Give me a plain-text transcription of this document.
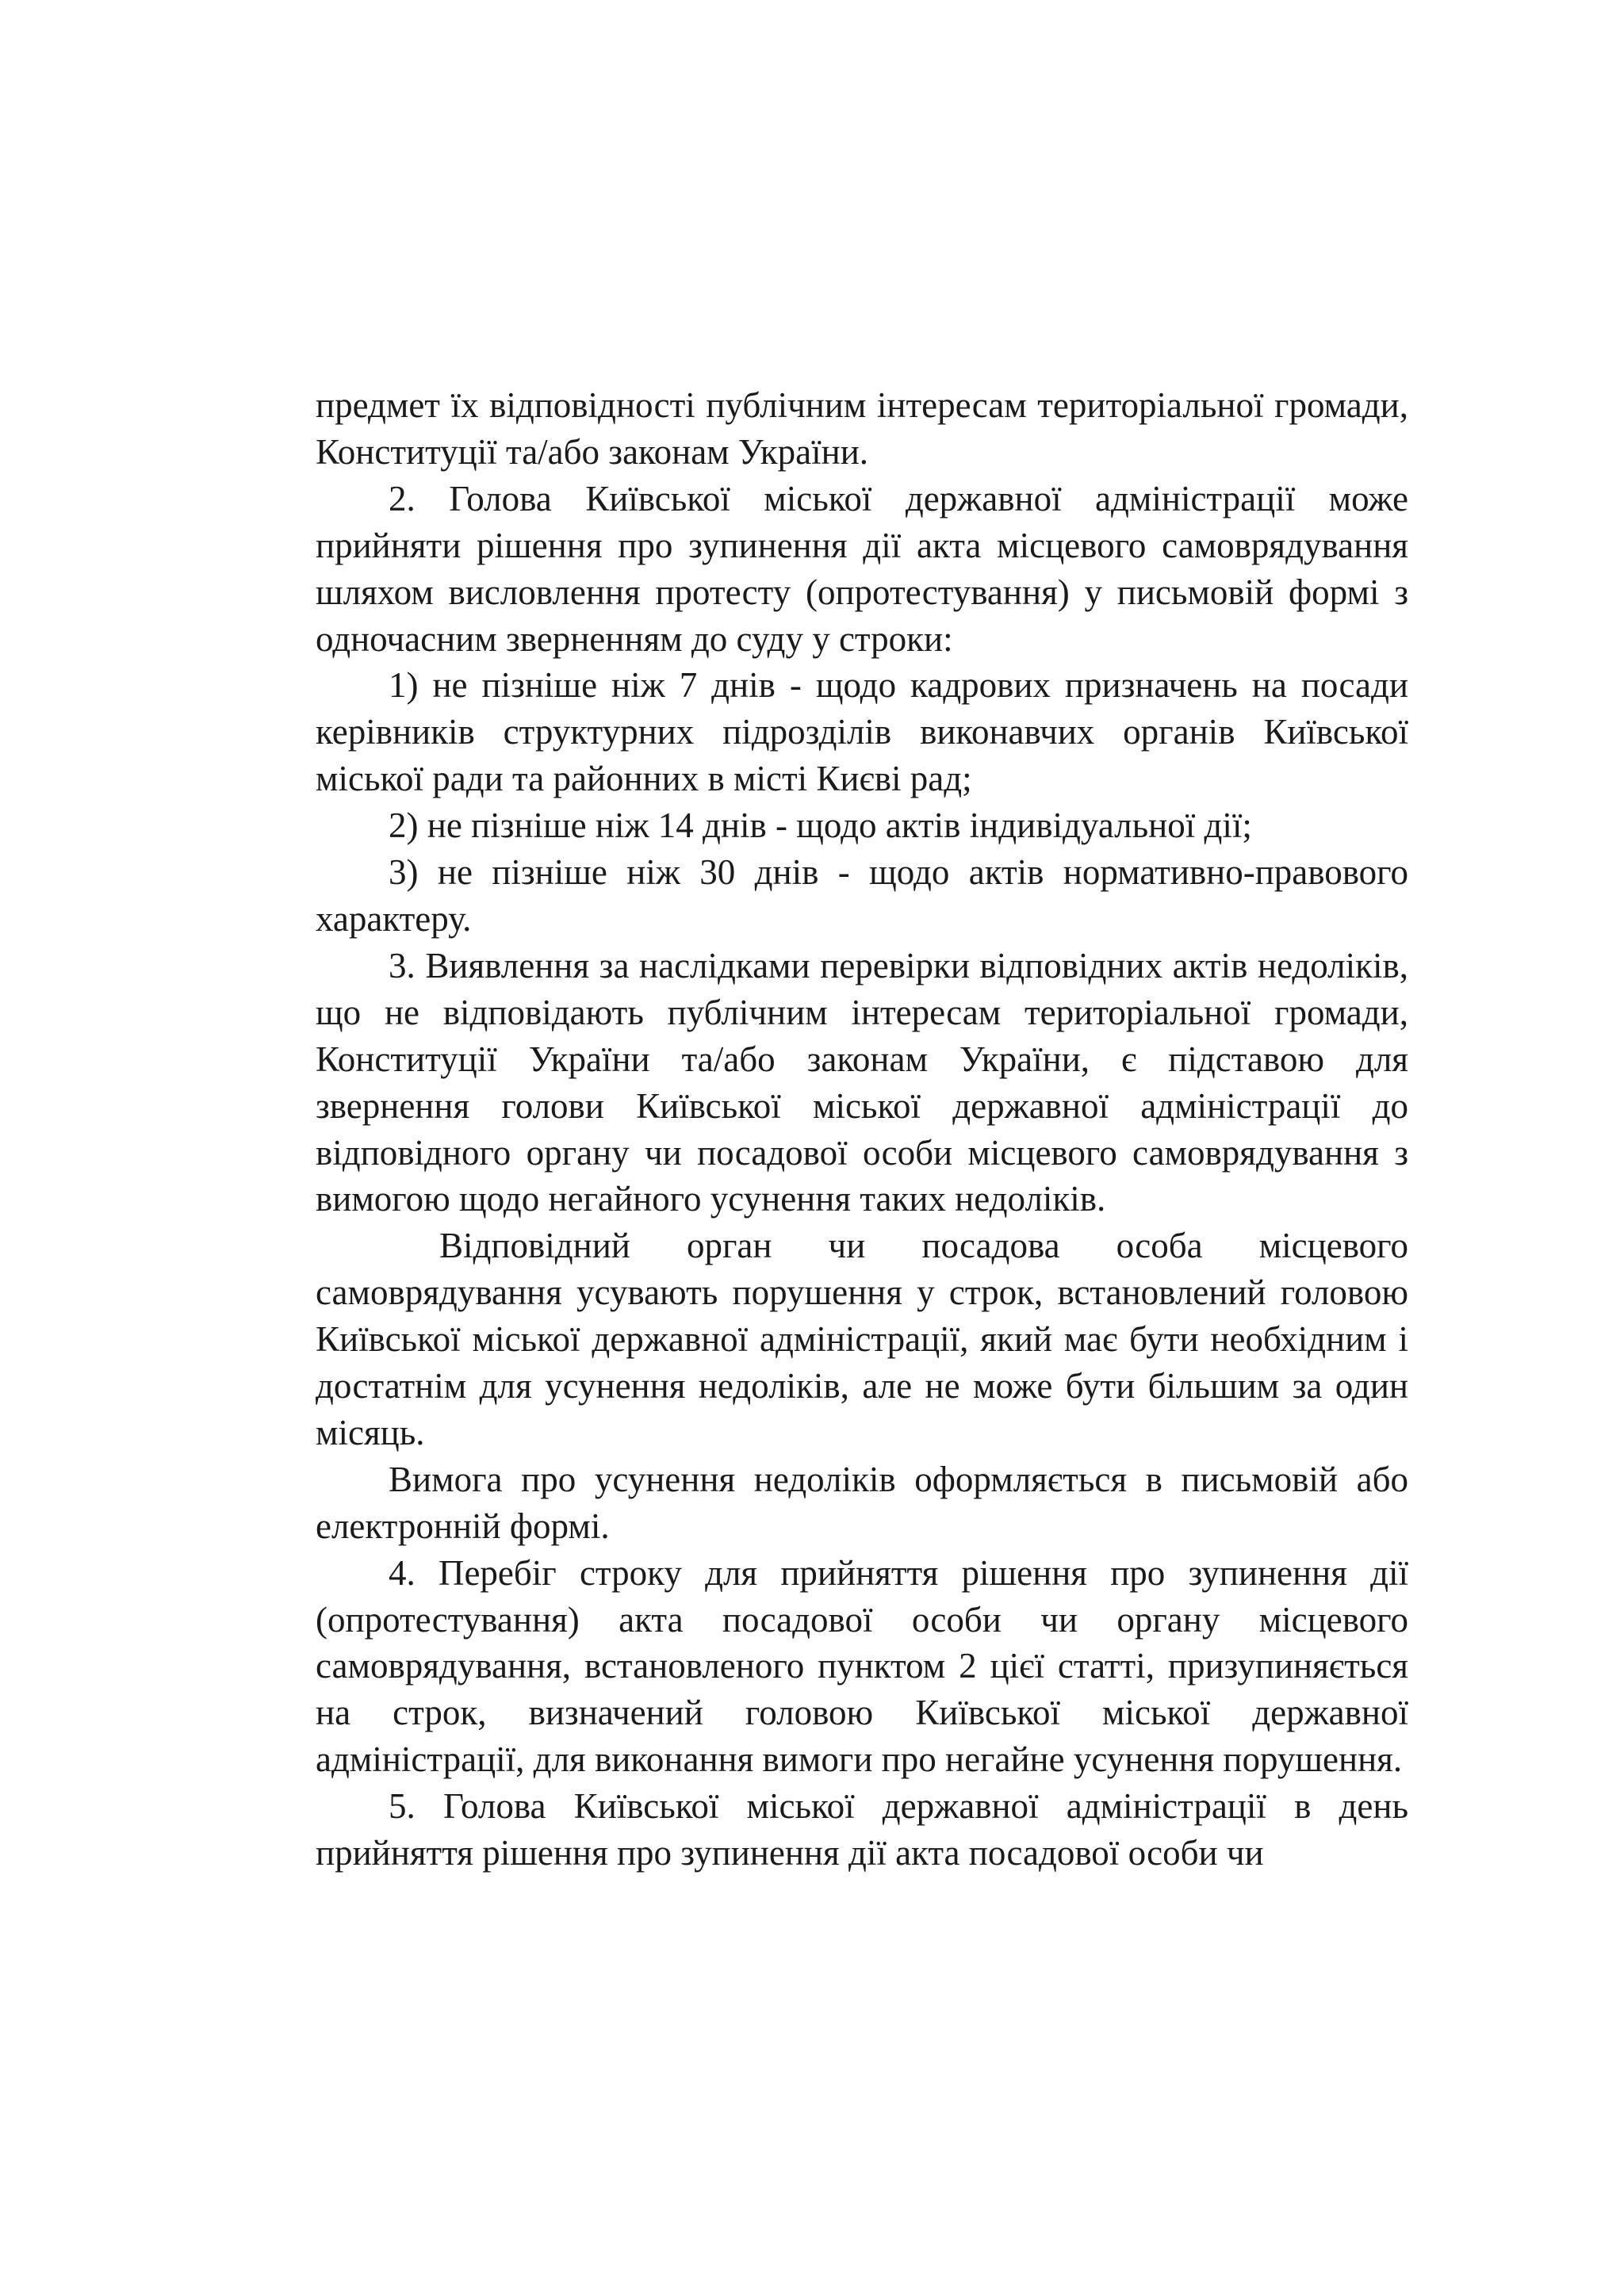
предмет їх відповідності публічним інтересам територіальної громади, Конституції та/або законам України.

2. Голова Київської міської державної адміністрації може прийняти рішення про зупинення дії акта місцевого самоврядування шляхом висловлення протесту (опротестування) у письмовій формі з одночасним зверненням до суду у строки:

1) не пізніше ніж 7 днів - щодо кадрових призначень на посади керівників структурних підрозділів виконавчих органів Київської міської ради та районних в місті Києві рад;

2) не пізніше ніж 14 днів - щодо актів індивідуальної дії;

3) не пізніше ніж 30 днів - щодо актів нормативно-правового характеру.

3. Виявлення за наслідками перевірки відповідних актів недоліків, що не відповідають публічним інтересам територіальної громади, Конституції України та/або законам України, є підставою для звернення голови Київської міської державної адміністрації до відповідного органу чи посадової особи місцевого самоврядування з вимогою щодо негайного усунення таких недоліків.

Відповідний орган чи посадова особа місцевого самоврядування усувають порушення у строк, встановлений головою Київської міської державної адміністрації, який має бути необхідним і достатнім для усунення недоліків, але не може бути більшим за один місяць.

Вимога про усунення недоліків оформляється в письмовій або електронній формі.

4. Перебіг строку для прийняття рішення про зупинення дії (опротестування) акта посадової особи чи органу місцевого самоврядування, встановленого пунктом 2 цієї статті, призупиняється на строк, визначений головою Київської міської державної адміністрації, для виконання вимоги про негайне усунення порушення.

5. Голова Київської міської державної адміністрації в день прийняття рішення про зупинення дії акта посадової особи чи
